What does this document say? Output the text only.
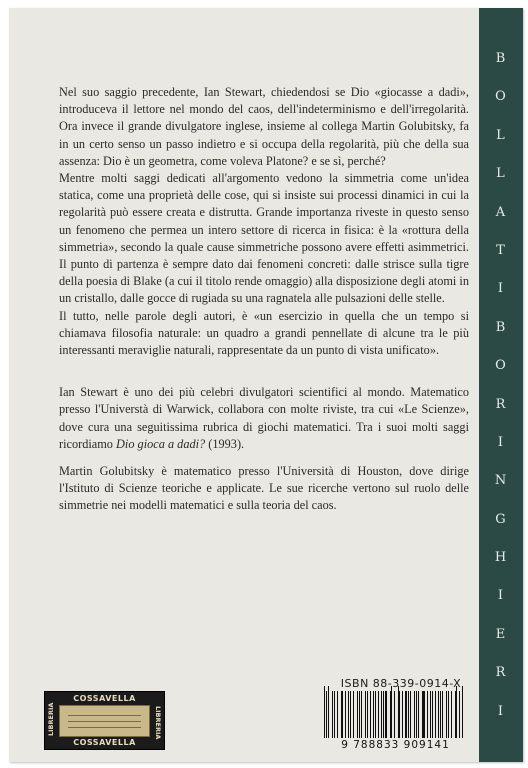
B
O
L
L
A
T
I
B
O
R
I
N
G
H
I
E
R
I

Nel suo saggio precedente, Ian Stewart, chiedendosi se Dio «giocasse a dadi», introduceva il lettore nel mondo del caos, dell'indeterminismo e dell'irregolarità. Ora invece il grande divulgatore inglese, insieme al collega Martin Golubitsky, fa in un certo senso un passo indietro e si occupa della regolarità, più che della sua assenza: Dio è un geometra, come voleva Platone? e se sì, perché?

Mentre molti saggi dedicati all'argomento vedono la simmetria come un'idea statica, come una proprietà delle cose, qui si insiste sui processi dinamici in cui la regolarità può essere creata e distrutta. Grande importanza riveste in questo senso un fenomeno che permea un intero settore di ricerca in fisica: è la «rottura della simmetria», secondo la quale cause simmetriche possono avere effetti asimmetrici. Il punto di partenza è sempre dato dai fenomeni concreti: dalle strisce sulla tigre della poesia di Blake (a cui il titolo rende omaggio) alla disposizione degli atomi in un cristallo, dalle gocce di rugiada su una ragnatela alle pulsazioni delle stelle.

Il tutto, nelle parole degli autori, è «un esercizio in quella che un tempo si chiamava filosofia naturale: un quadro a grandi pennellate di alcune tra le più interessanti meraviglie naturali, rappresentate da un punto di vista unificato».

Ian Stewart è uno dei più celebri divulgatori scientifici al mondo. Matematico presso l'Universtà di Warwick, collabora con molte riviste, tra cui «Le Scienze», dove cura una seguitissima rubrica di giochi matematici. Tra i suoi molti saggi ricordiamo Dio gioca a dadi? (1993).

Martin Golubitsky è matematico presso l'Università di Houston, dove dirige l'Istituto di Scienze teoriche e applicate. Le sue ricerche vertono sul ruolo delle simmetrie nei modelli matematici e sulla teoria del caos.

ISBN 88-339-0914-X
9 788833 909141
COSSAVELLA
LIBRERIA	LIBRERIA
COSSAVELLA
